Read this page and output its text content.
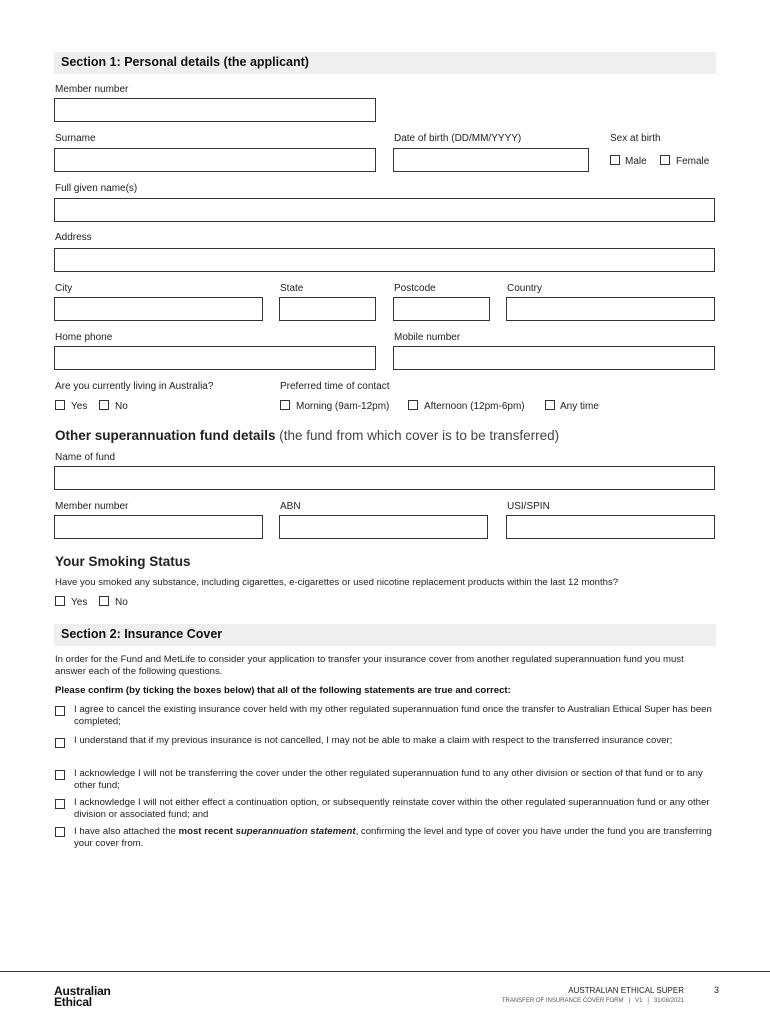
Section 1: Personal details (the applicant)
Member number
Surname	Date of birth (DD/MM/YYYY)	Sex at birth
Male	Female
Full given name(s)
Address
City	State	Postcode	Country
Home phone	Mobile number
Are you currently living in Australia?
Yes	No
Preferred time of contact
Morning (9am-12pm)	Afternoon (12pm-6pm)	Any time
Other superannuation fund details (the fund from which cover is to be transferred)
Name of fund
Member number	ABN	USI/SPIN
Your Smoking Status
Have you smoked any substance, including cigarettes, e-cigarettes or used nicotine replacement products within the last 12 months?
Yes	No
Section 2: Insurance Cover
In order for the Fund and MetLife to consider your application to transfer your insurance cover from another regulated superannuation fund you must answer each of the following questions.
Please confirm (by ticking the boxes below) that all of the following statements are true and correct:
I agree to cancel the existing insurance cover held with my other regulated superannuation fund once the transfer to Australian Ethical Super has been completed;
I understand that if my previous insurance is not cancelled, I may not be able to make a claim with respect to the transferred insurance cover;
I acknowledge I will not be transferring the cover under the other regulated superannuation fund to any other division or section of that fund or to any other fund;
I acknowledge I will not either effect a continuation option, or subsequently reinstate cover within the other regulated superannuation fund or any other division or associated fund; and
I have also attached the most recent superannuation statement, confirming the level and type of cover you have under the fund you are transferring your cover from.
Australian
Ethical
AUSTRALIAN ETHICAL SUPER	3
TRANSFER OF INSURANCE COVER FORM   |   V1   |   31/08/2021
